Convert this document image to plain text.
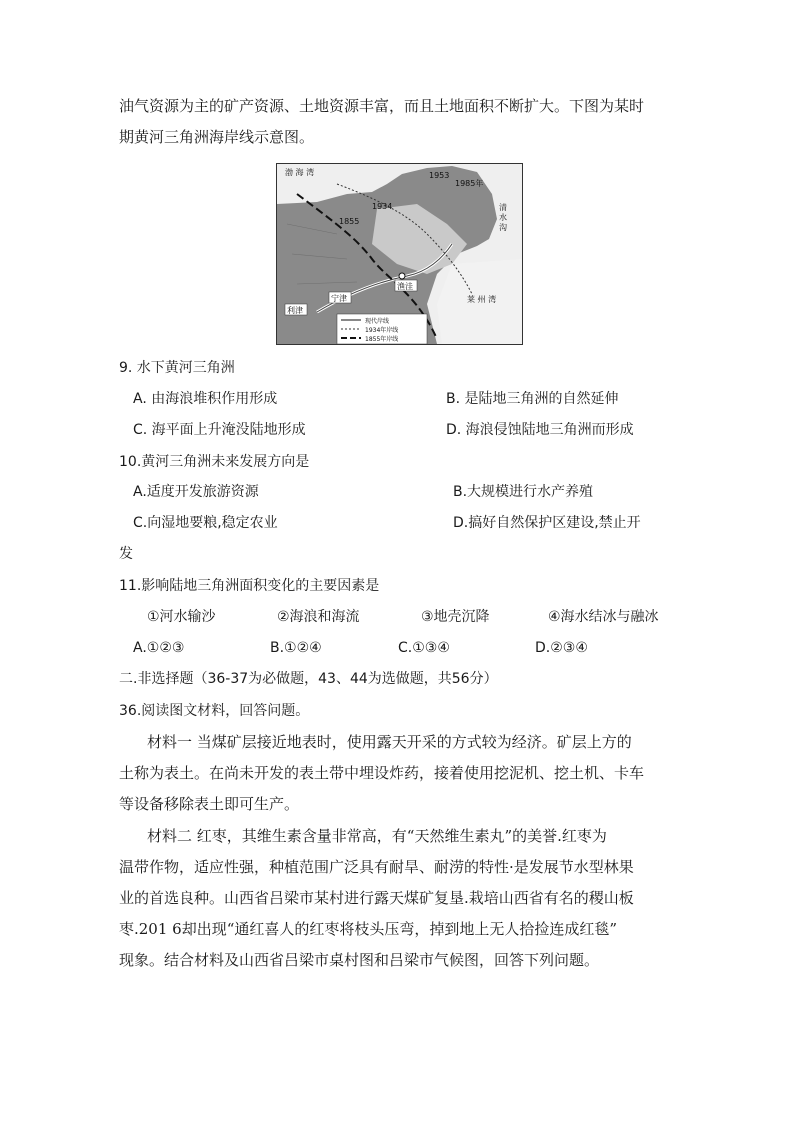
油气资源为主的矿产资源、土地资源丰富，而且土地面积不断扩大。下图为某时
期黄河三角洲海岸线示意图。
渤 海 湾	1953
1985年
1934
1855
清
水
沟
渔洼
宁津
利津
莱 州 湾
现代岸线
1934年岸线
1855年岸线
9. 水下黄河三角洲
A. 由海浪堆积作用形成	B. 是陆地三角洲的自然延伸
C. 海平面上升淹没陆地形成	D. 海浪侵蚀陆地三角洲而形成
10.黄河三角洲未来发展方向是
A.适度开发旅游资源	B.大规模进行水产养殖
C.向湿地要粮,稳定农业	D.搞好自然保护区建设,禁止开
发
11.影响陆地三角洲面积变化的主要因素是
①河水输沙	②海浪和海流	③地壳沉降	④海水结冰与融冰
A.①②③	B.①②④	C.①③④	D.②③④
二.非选择题（36-37为必做题，43、44为选做题，共56分）
36.阅读图文材料，回答问题。
材料一 当煤矿层接近地表时，使用露天开采的方式较为经济。矿层上方的
土称为表土。在尚未开发的表土带中埋设炸药，接着使用挖泥机、挖土机、卡车
等设备移除表土即可生产。
材料二 红枣，其维生素含量非常高，有“天然维生素丸”的美誉.红枣为
温带作物，适应性强，种植范围广泛具有耐旱、耐涝的特性·是发展节水型林果
业的首选良种。山西省吕梁市某村进行露天煤矿复垦.栽培山西省有名的稷山板
枣.201 6却出现“通红喜人的红枣将枝头压弯，掉到地上无人拾捡连成红毯”
现象。结合材料及山西省吕梁市桌村图和吕梁市气候图，回答下列问题。
